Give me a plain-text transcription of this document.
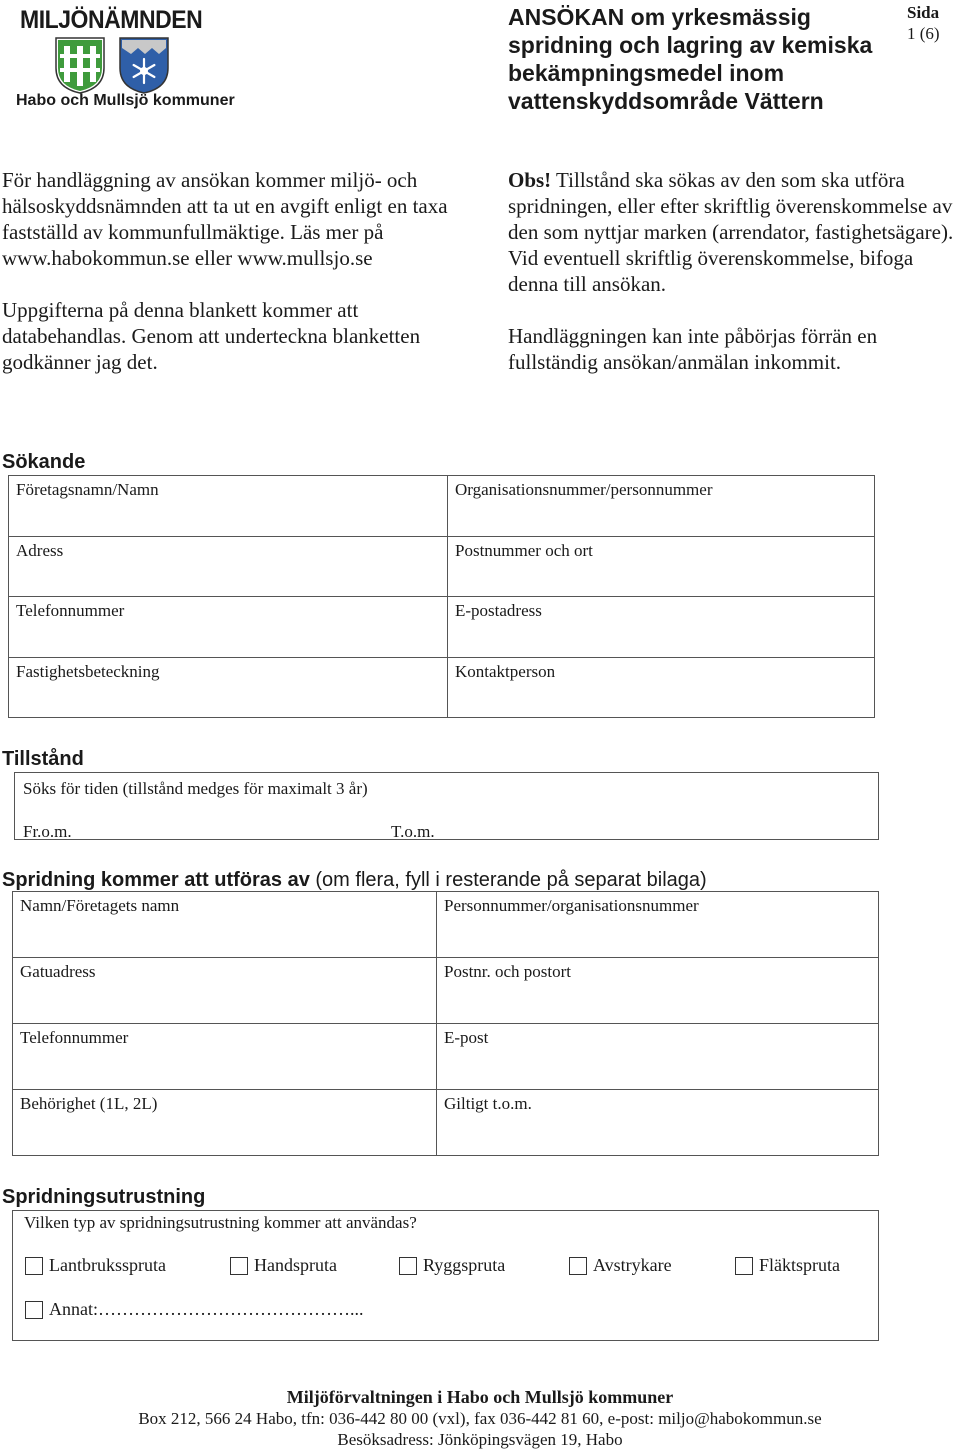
MILJÖNÄMNDEN
Habo och Mullsjö kommuner
ANSÖKAN om yrkesmässig spridning och lagring av kemiska bekämpningsmedel inom vattenskyddsområde Vättern
Sida
1 (6)

För handläggning av ansökan kommer miljö- och hälsoskyddsnämnden att ta ut en avgift enligt en taxa fastställd av kommunfullmäktige. Läs mer på www.habokommun.se eller www.mullsjo.se

Uppgifterna på denna blankett kommer att databehandlas. Genom att underteckna blanketten godkänner jag det.

Obs! Tillstånd ska sökas av den som ska utföra spridningen, eller efter skriftlig överenskommelse av den som nyttjar marken (arrendator, fastighetsägare). Vid eventuell skriftlig överenskommelse, bifoga denna till ansökan.

Handläggningen kan inte påbörjas förrän en fullständig ansökan/anmälan inkommit.

Sökande
Företagsnamn/Namn	Organisationsnummer/personnummer
Adress	Postnummer och ort
Telefonnummer	E-postadress
Fastighetsbeteckning	Kontaktperson
Tillstånd
Söks för tiden (tillstånd medges för maximalt 3 år)
Fr.o.m.	T.o.m.
Spridning kommer att utföras av (om flera, fyll i resterande på separat bilaga)
Namn/Företagets namn	Personnummer/organisationsnummer
Gatuadress	Postnr. och postort
Telefonnummer	E-post
Behörighet (1L, 2L)	Giltigt t.o.m.
Spridningsutrustning
Vilken typ av spridningsutrustning kommer att användas?
Lantbruksspruta	Handspruta	Ryggspruta	Avstrykare	Fläktspruta
Annat:……………………………………...
Miljöförvaltningen i Habo och Mullsjö kommuner
Box 212, 566 24 Habo, tfn: 036-442 80 00 (vxl), fax 036-442 81 60, e-post: miljo@habokommun.se
Besöksadress: Jönköpingsvägen 19, Habo
